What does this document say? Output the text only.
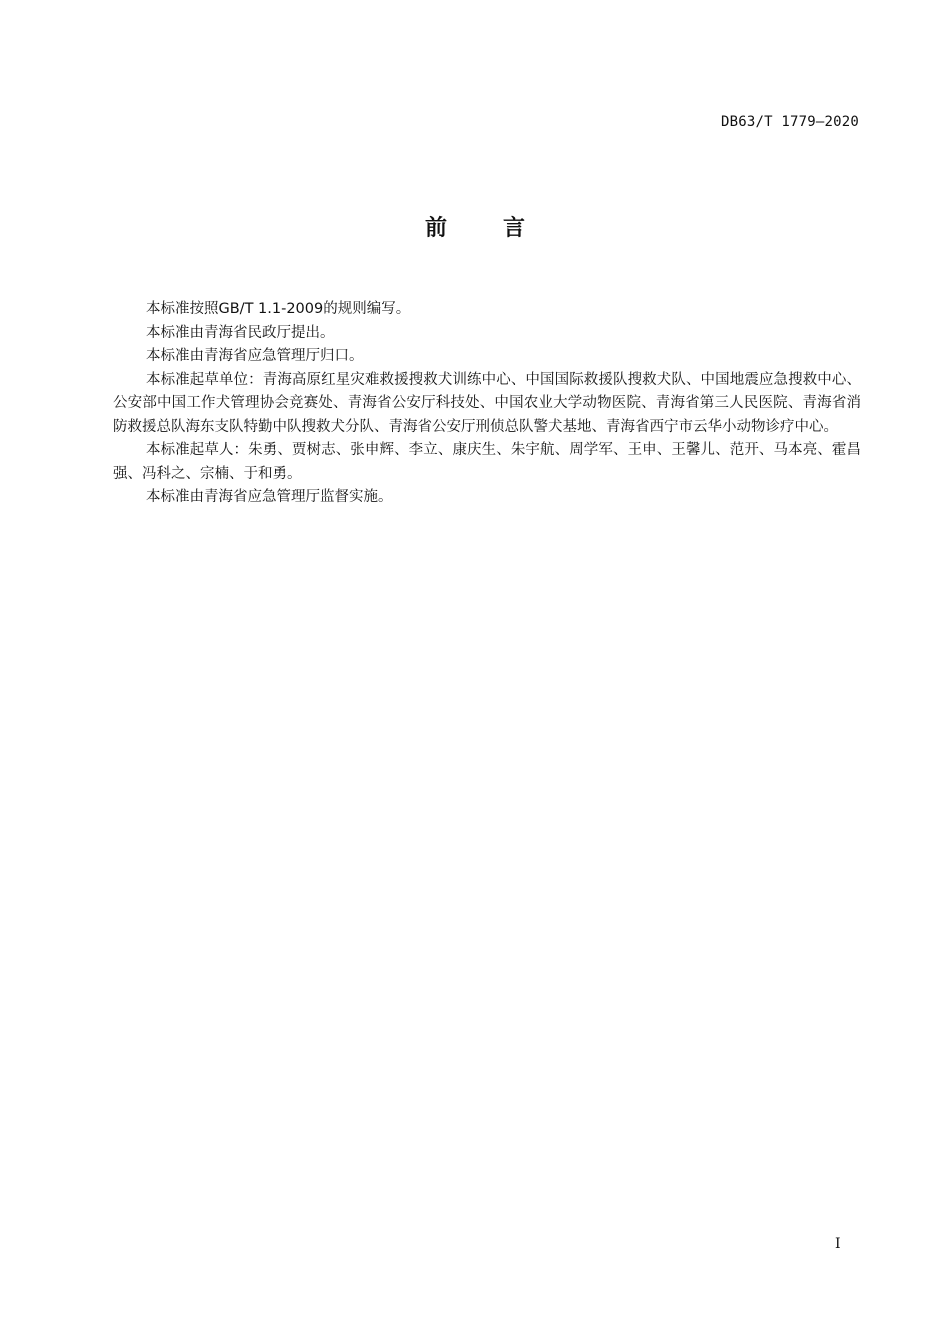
DB63/T 1779—2020
前言

本标准按照GB/T 1.1-2009的规则编写。

本标准由青海省民政厅提出。

本标准由青海省应急管理厅归口。

本标准起草单位：青海高原红星灾难救援搜救犬训练中心、中国国际救援队搜救犬队、中国地震应急搜救中心、公安部中国工作犬管理协会竞赛处、青海省公安厅科技处、中国农业大学动物医院、青海省第三人民医院、青海省消防救援总队海东支队特勤中队搜救犬分队、青海省公安厅刑侦总队警犬基地、青海省西宁市云华小动物诊疗中心。

本标准起草人：朱勇、贾树志、张申辉、李立、康庆生、朱宇航、周学军、王申、王馨儿、范开、马本亮、霍昌强、冯科之、宗楠、于和勇。

本标准由青海省应急管理厅监督实施。

I
